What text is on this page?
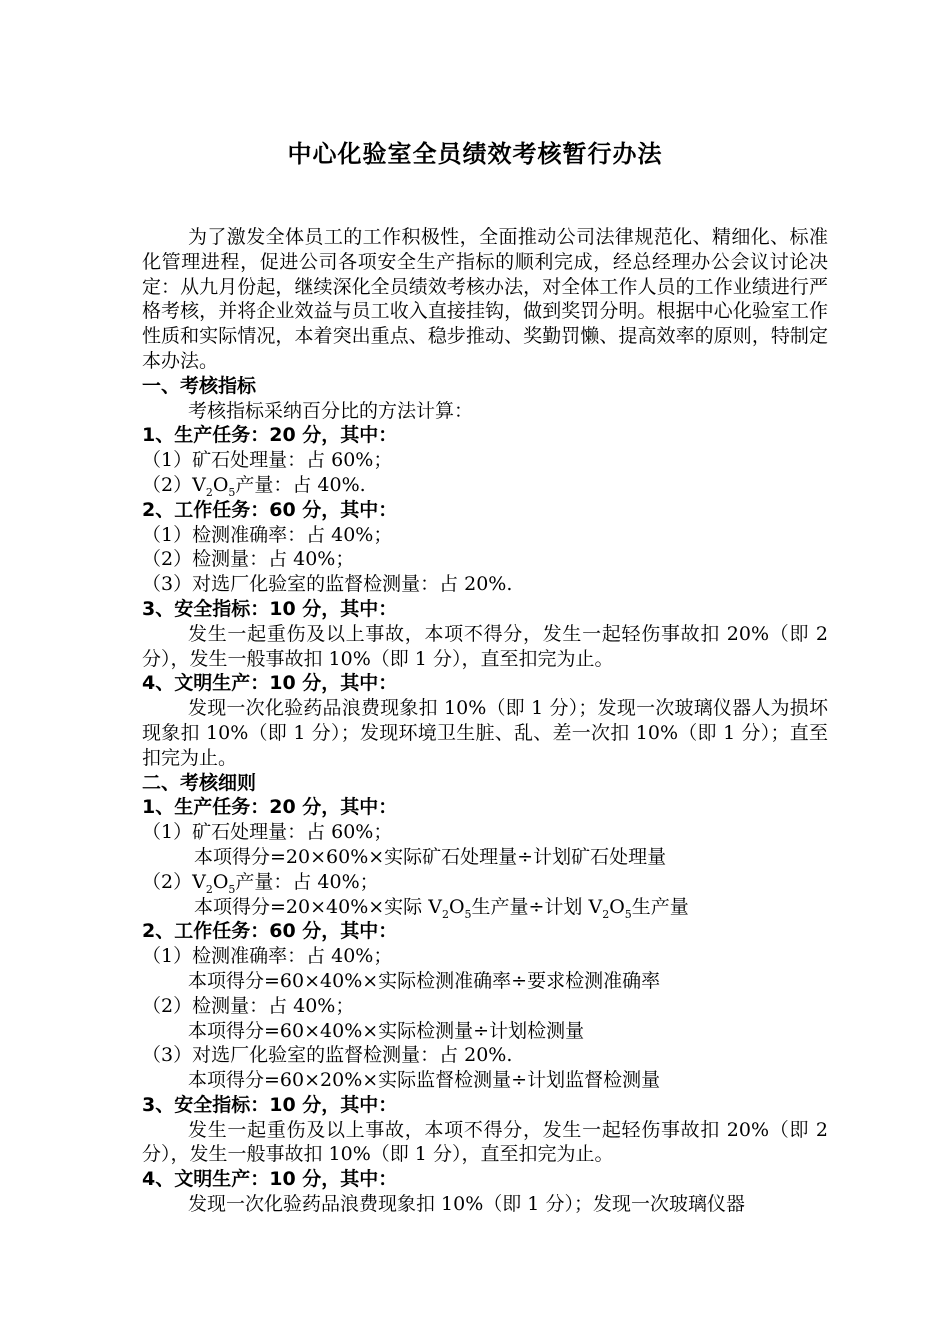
中心化验室全员绩效考核暂行办法

为了激发全体员工的工作积极性，全面推动公司法律规范化、精细化、标准化管理进程，促进公司各项安全生产指标的顺利完成，经总经理办公会议讨论决定：从九月份起，继续深化全员绩效考核办法，对全体工作人员的工作业绩进行严格考核，并将企业效益与员工收入直接挂钩，做到奖罚分明。根据中心化验室工作性质和实际情况，本着突出重点、稳步推动、奖勤罚懒、提高效率的原则，特制定本办法。

一、考核指标

考核指标采纳百分比的方法计算：

1、生产任务：20 分，其中：

（1）矿石处理量：占 60%；

$(2)V_2O_5$产量：占 40%.

2、工作任务：60 分，其中：

（1）检测准确率：占 40%；

（2）检测量：占 40%；

（3）对选厂化验室的监督检测量：占 20%.

3、安全指标：10 分，其中：

发生一起重伤及以上事故，本项不得分，发生一起轻伤事故扣 20%（即 2 分），发生一般事故扣 10%（即 1 分），直至扣完为止。

4、文明生产：10 分，其中：

发现一次化验药品浪费现象扣 10%（即 1 分）；发现一次玻璃仪器人为损坏现象扣 10%（即 1 分）；发现环境卫生脏、乱、差一次扣 10%（即 1 分）；直至扣完为止。

二、考核细则

1、生产任务：20 分，其中：

（1）矿石处理量：占 60%；

本项得分=20×60%×实际矿石处理量÷计划矿石处理量

$(2)V_2O_5$产量：占 40%；

本项得分=20×40%×实际 $V_2O_5$生产量÷计划 $V_2O_5$生产量

2、工作任务：60 分，其中：

（1）检测准确率：占 40%；

本项得分=60×40%×实际检测准确率÷要求检测准确率

（2）检测量：占 40%；

本项得分=60×40%×实际检测量÷计划检测量

（3）对选厂化验室的监督检测量：占 20%.

本项得分=60×20%×实际监督检测量÷计划监督检测量

3、安全指标：10 分，其中：

发生一起重伤及以上事故，本项不得分，发生一起轻伤事故扣 20%（即 2 分），发生一般事故扣 10%（即 1 分），直至扣完为止。

4、文明生产：10 分，其中：

发现一次化验药品浪费现象扣 10%（即 1 分）；发现一次玻璃仪器
